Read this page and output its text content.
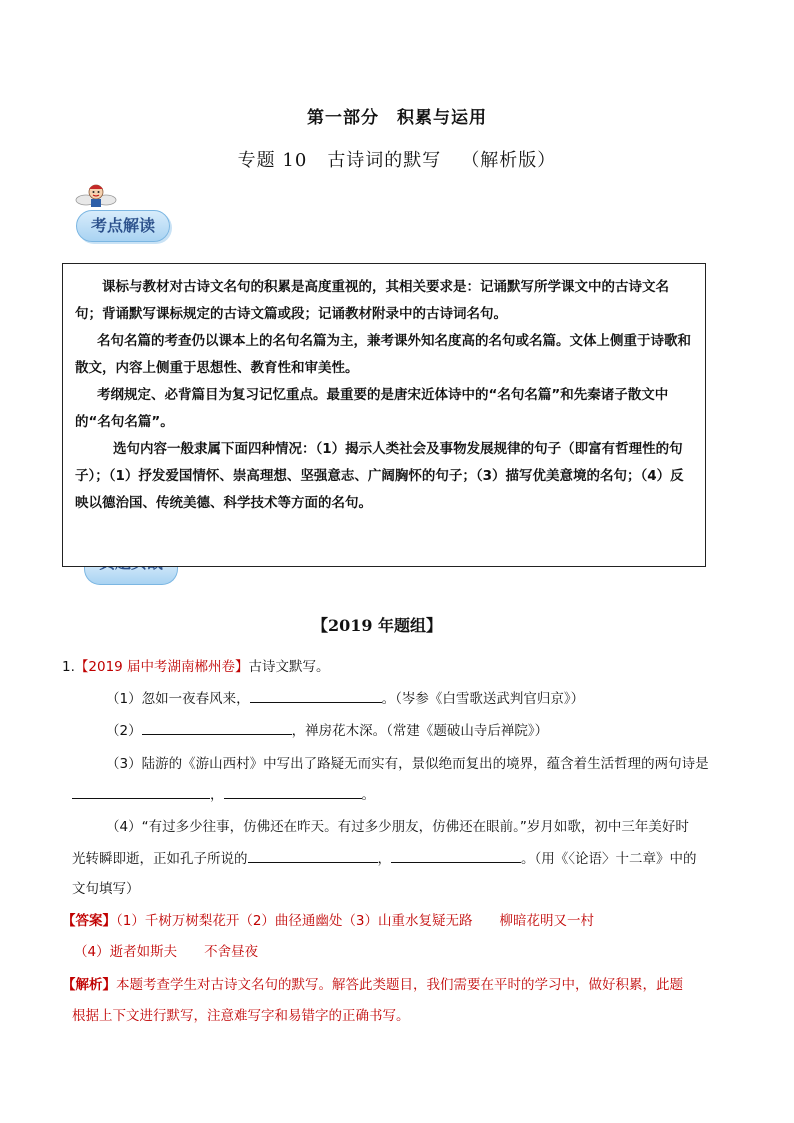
第一部分 积累与运用
专题 10 古诗词的默写 （解析版）
考点解读

课标与教材对古诗文名句的积累是高度重视的，其相关要求是：记诵默写所学课文中的古诗文名句；背诵默写课标规定的古诗文篇或段；记诵教材附录中的古诗词名句。

名句名篇的考查仍以课本上的名句名篇为主，兼考课外知名度高的名句或名篇。文体上侧重于诗歌和散文，内容上侧重于思想性、教育性和审美性。

考纲规定、必背篇目为复习记忆重点。最重要的是唐宋近体诗中的“名句名篇”和先秦诸子散文中的“名句名篇”。

选句内容一般隶属下面四种情况：（1）揭示人类社会及事物发展规律的句子（即富有哲理性的句子）；（1）抒发爱国情怀、崇高理想、坚强意志、广阔胸怀的句子；（3）描写优美意境的名句；（4）反映以德治国、传统美德、科学技术等方面的名句。

【2019 年题组】
1.【2019 届中考湖南郴州卷】古诗文默写。
（1）忽如一夜春风来，	。（岑参《白雪歌送武判官归京》）
（2）	，禅房花木深。（常建《题破山寺后禅院》）
（3）陆游的《游山西村》中写出了路疑无而实有，景似绝而复出的境界，蕴含着生活哲理的两句诗是
，	。
（4）“有过多少往事，仿佛还在昨天。有过多少朋友，仿佛还在眼前。”岁月如歌，初中三年美好时
光转瞬即逝，正如孔子所说的	，	。（用《〈论语〉十二章》中的
文句填写）
【答案】（1）千树万树梨花开（2）曲径通幽处（3）山重水复疑无路　　柳暗花明又一村
（4）逝者如斯夫　　不舍昼夜
【解析】本题考查学生对古诗文名句的默写。解答此类题目，我们需要在平时的学习中，做好积累，此题
根据上下文进行默写，注意难写字和易错字的正确书写。
